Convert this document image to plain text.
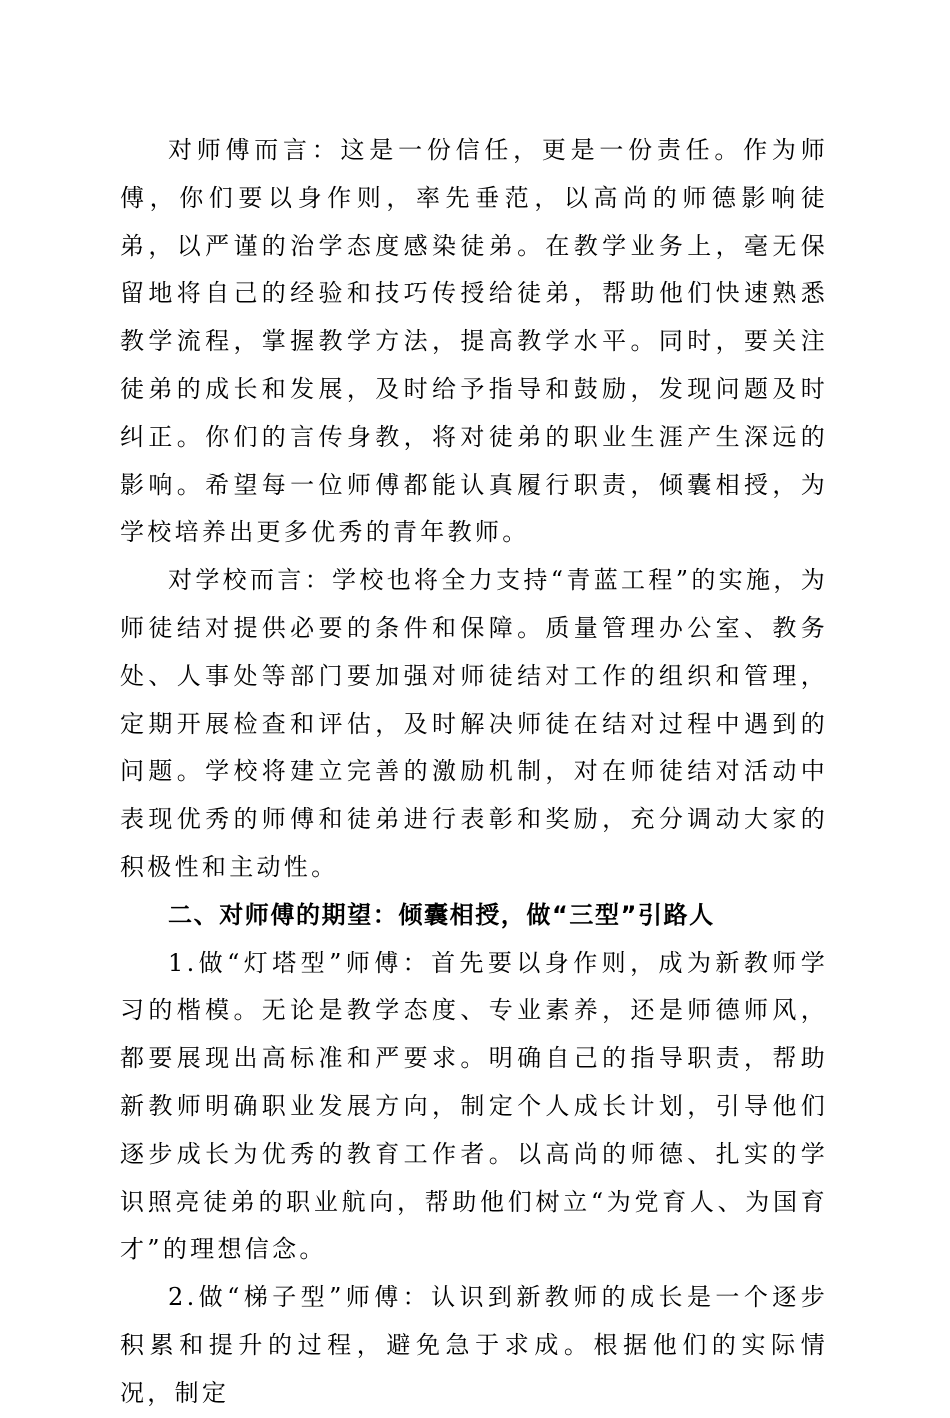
对师傅而言：这是一份信任，更是一份责任。作为师傅，你们要以身作则，率先垂范，以高尚的师德影响徒弟，以严谨的治学态度感染徒弟。在教学业务上，毫无保留地将自己的经验和技巧传授给徒弟，帮助他们快速熟悉教学流程，掌握教学方法，提高教学水平。同时，要关注徒弟的成长和发展，及时给予指导和鼓励，发现问题及时纠正。你们的言传身教，将对徒弟的职业生涯产生深远的影响。希望每一位师傅都能认真履行职责，倾囊相授，为学校培养出更多优秀的青年教师。

对学校而言：学校也将全力支持“青蓝工程”的实施，为师徒结对提供必要的条件和保障。质量管理办公室、教务处、人事处等部门要加强对师徒结对工作的组织和管理，定期开展检查和评估，及时解决师徒在结对过程中遇到的问题。学校将建立完善的激励机制，对在师徒结对活动中表现优秀的师傅和徒弟进行表彰和奖励，充分调动大家的积极性和主动性。

二、对师傅的期望：倾囊相授，做“三型”引路人

1.做“灯塔型”师傅：首先要以身作则，成为新教师学习的楷模。无论是教学态度、专业素养，还是师德师风，都要展现出高标准和严要求。明确自己的指导职责，帮助新教师明确职业发展方向，制定个人成长计划，引导他们逐步成长为优秀的教育工作者。以高尚的师德、扎实的学识照亮徒弟的职业航向，帮助他们树立“为党育人、为国育才”的理想信念。

2.做“梯子型”师傅：认识到新教师的成长是一个逐步积累和提升的过程，避免急于求成。根据他们的实际情况，制定
